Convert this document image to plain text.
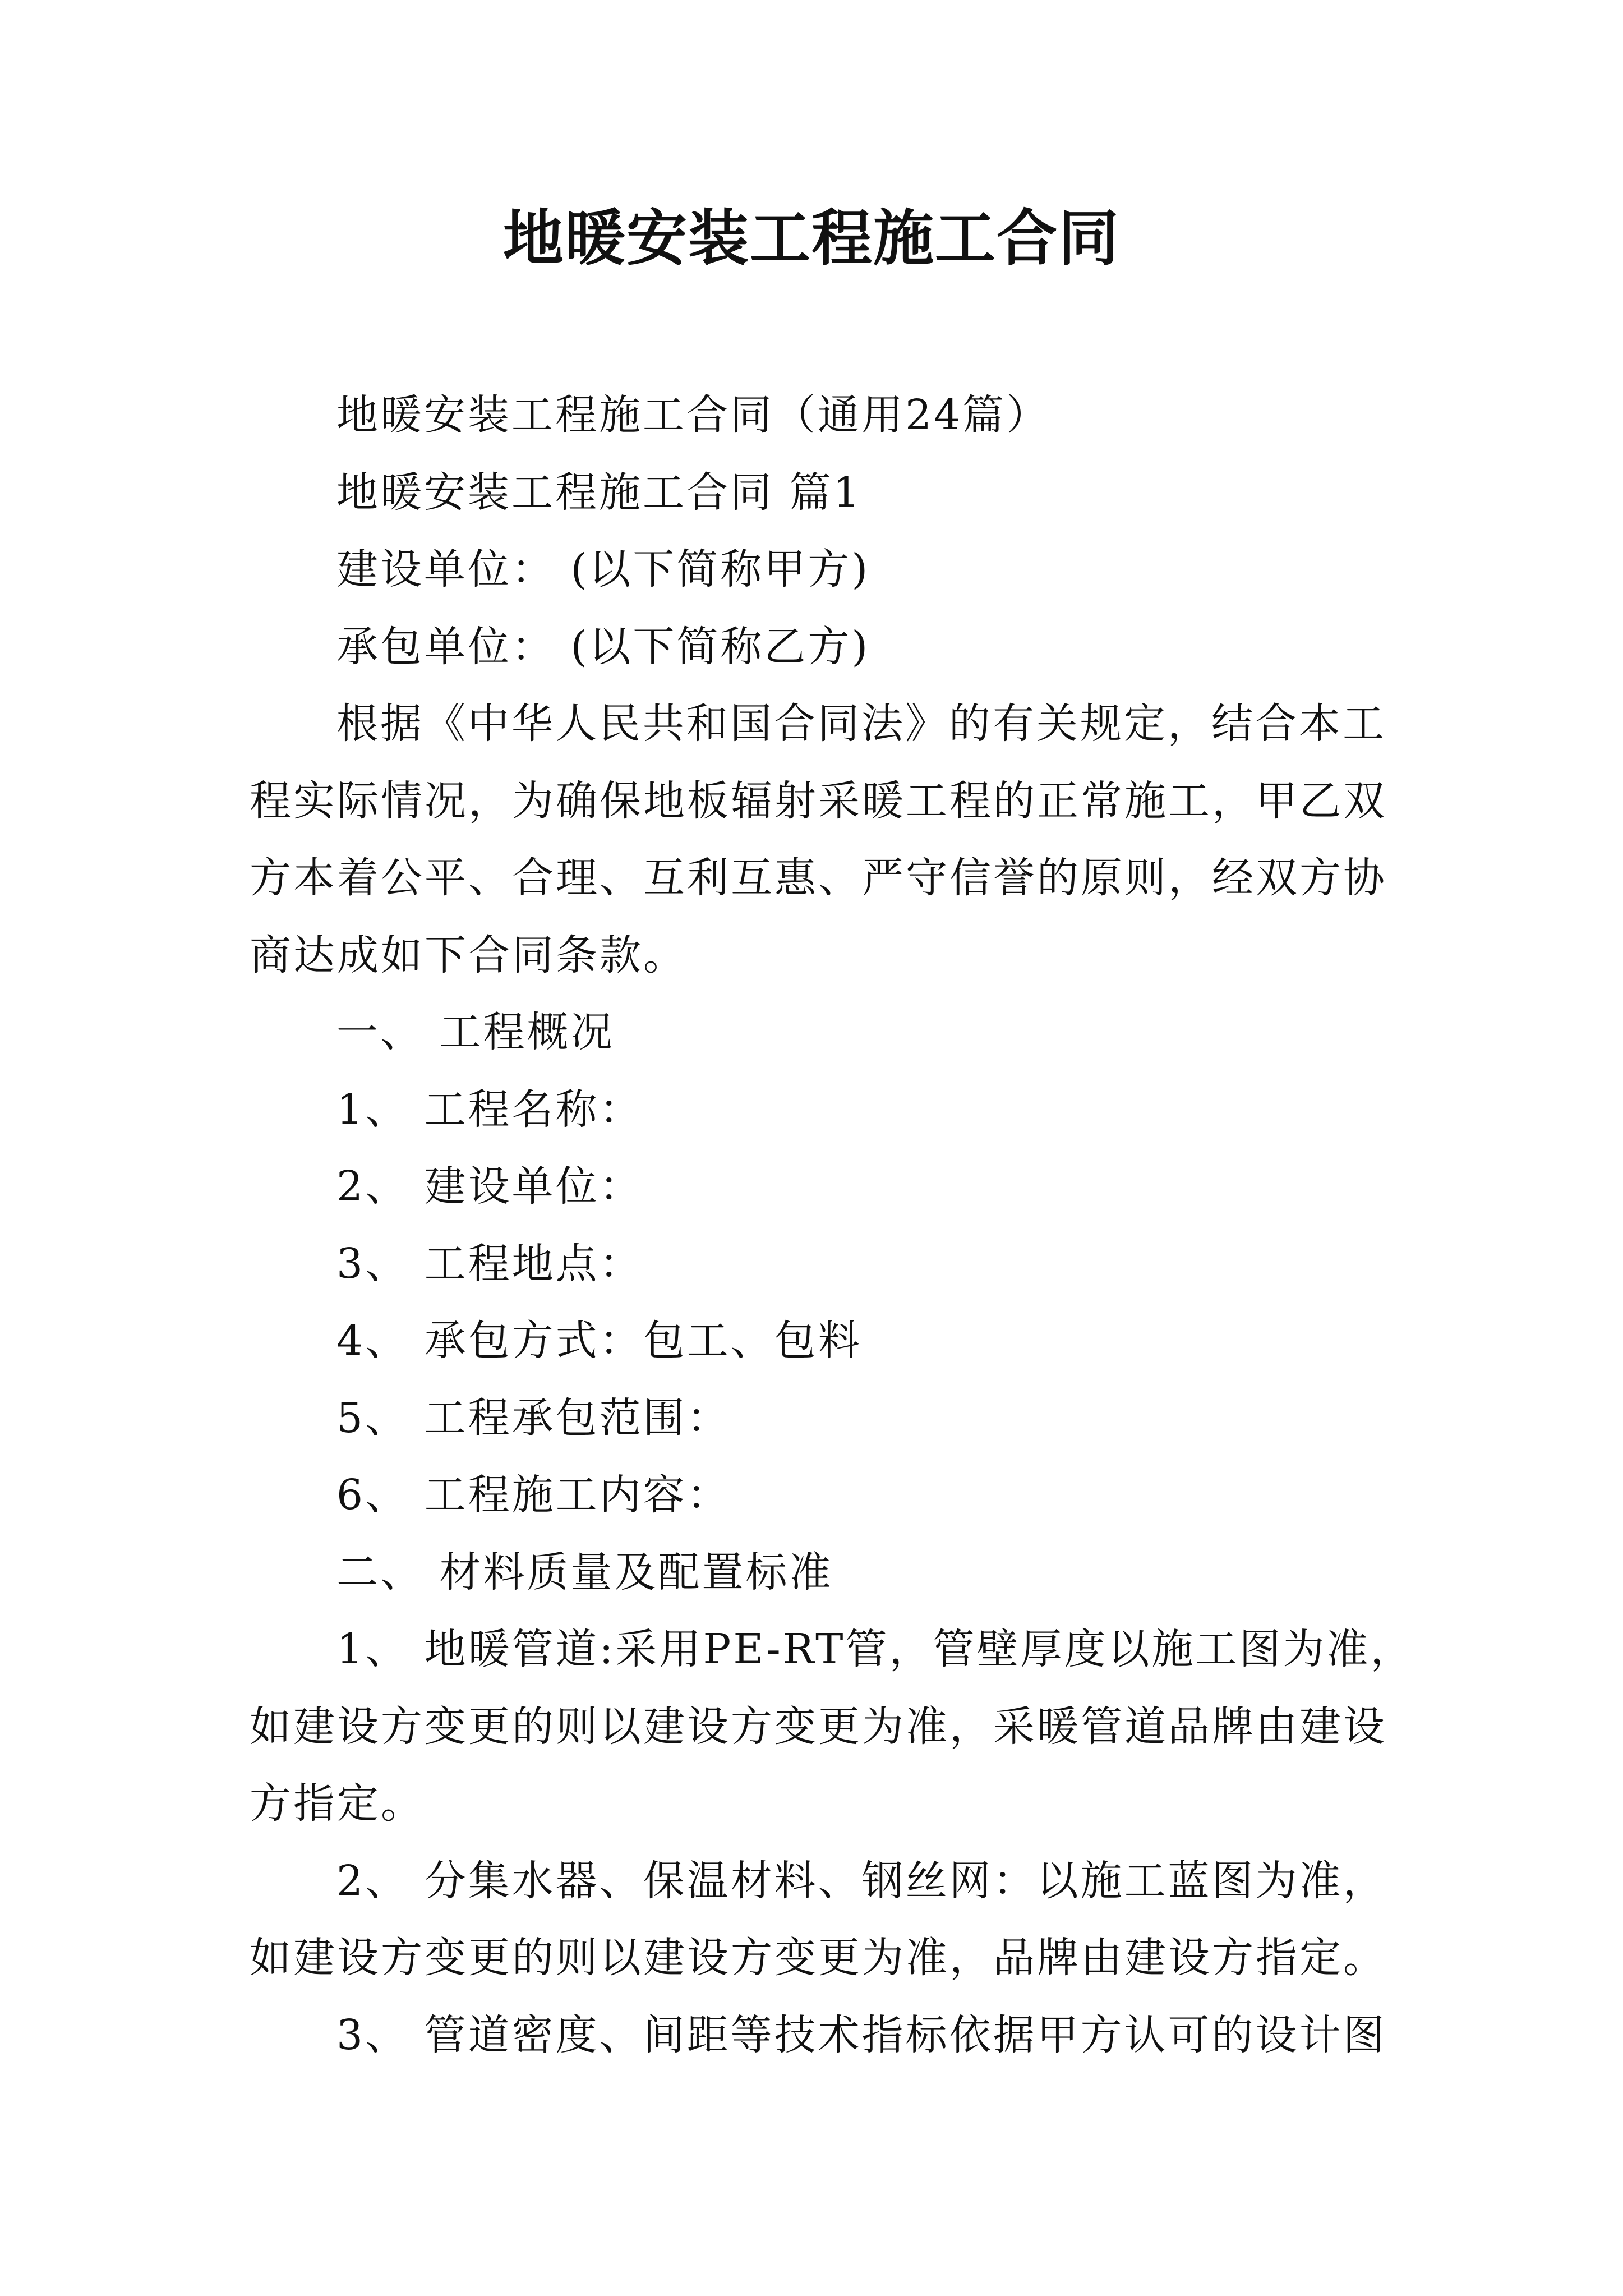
地暖安装工程施工合同
地暖安装工程施工合同（通用24篇）
地暖安装工程施工合同 篇1
建设单位： (以下简称甲方)
承包单位： (以下简称乙方)
根据《中华人民共和国合同法》的有关规定，结合本工
程实际情况，为确保地板辐射采暖工程的正常施工，甲乙双
方本着公平、合理、互利互惠、严守信誉的原则，经双方协
商达成如下合同条款。
一、 工程概况
1、 工程名称：
2、 建设单位：
3、 工程地点：
4、 承包方式：包工、包料
5、 工程承包范围：
6、 工程施工内容：
二、 材料质量及配置标准
1、 地暖管道:采用PE-RT管，管壁厚度以施工图为准，
如建设方变更的则以建设方变更为准，采暖管道品牌由建设
方指定。
2、 分集水器、保温材料、钢丝网：以施工蓝图为准，
如建设方变更的则以建设方变更为准，品牌由建设方指定。
3、 管道密度、间距等技术指标依据甲方认可的设计图
